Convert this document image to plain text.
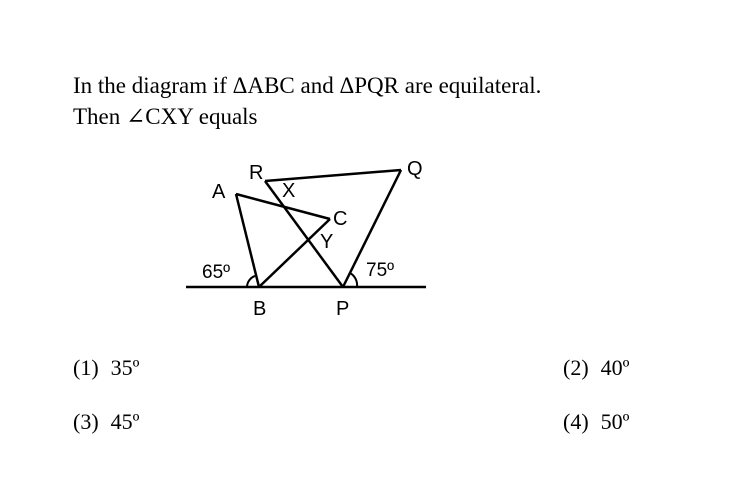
In the diagram if ΔABC and ΔPQR are equilateral.
Then ∠CXY equals
A
R
X
Q
C
Y
65º	75º
B	P
(1) 35º	(2) 40º
(3) 45º	(4) 50º
